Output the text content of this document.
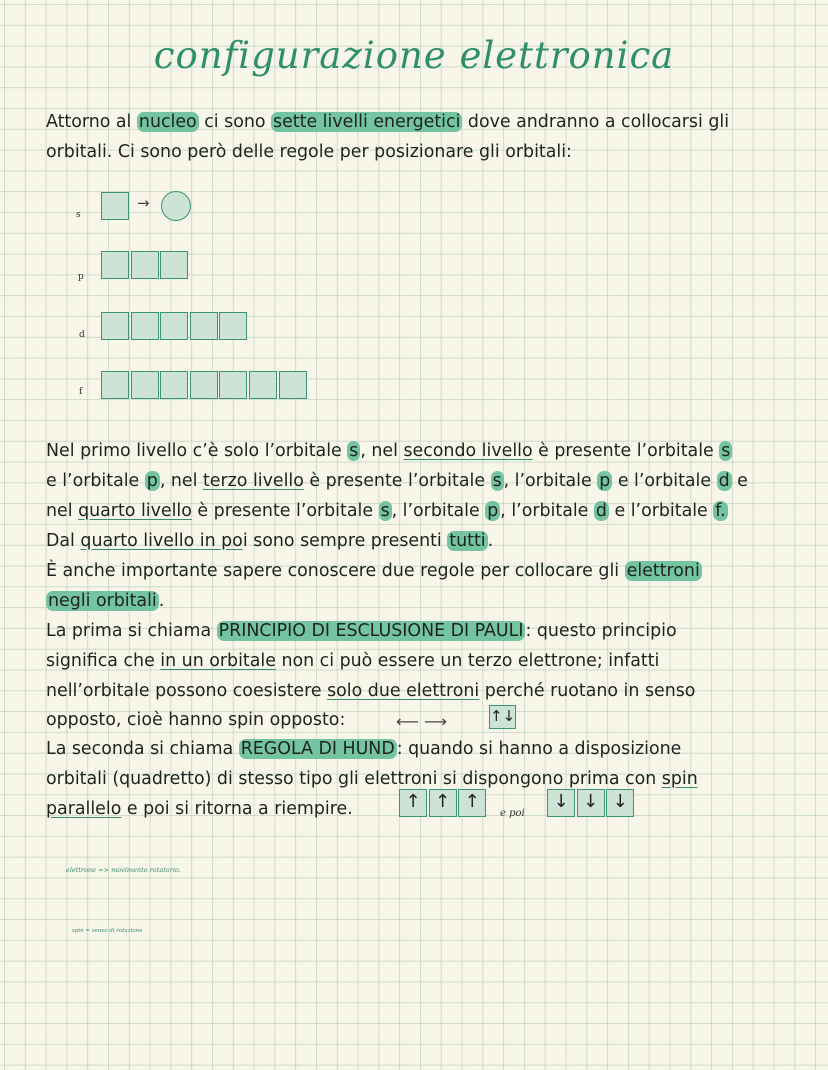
configurazione elettronica
Attorno al nucleo ci sono sette livelli energetici dove andranno a collocarsi gli
orbitali. Ci sono però delle regole per posizionare gli orbitali:
s
→
p
d
f
Nel primo livello c’è solo l’orbitale s , nel secondo livello è presente l’orbitale s
e l’orbitale p , nel terzo livello è presente l’orbitale s , l’orbitale p e l’orbitale d e
nel quarto livello è presente l’orbitale s , l’orbitale p , l’orbitale d e l’orbitale f.
Dal quarto livello in poi sono sempre presenti tutti .
È anche importante sapere conoscere due regole per collocare gli elettroni
negli orbitali .
La prima si chiama PRINCIPIO DI ESCLUSIONE DI PAULI : questo principio
significa che in un orbitale non ci può essere un terzo elettrone; infatti
nell’orbitale possono coesistere solo due elettroni perché ruotano in senso
opposto, cioè hanno spin opposto:	⟵ ⟶	↑↓
La seconda si chiama REGOLA DI HUND : quando si hanno a disposizione
orbitali (quadretto) di stesso tipo gli elettroni si dispongono prima con spin
parallelo e poi si ritorna a riempire.	↑ ↑ ↑
e poi
↓ ↓ ↓
elettrone => movimento rotatorio.
spin = senso di rotazione
